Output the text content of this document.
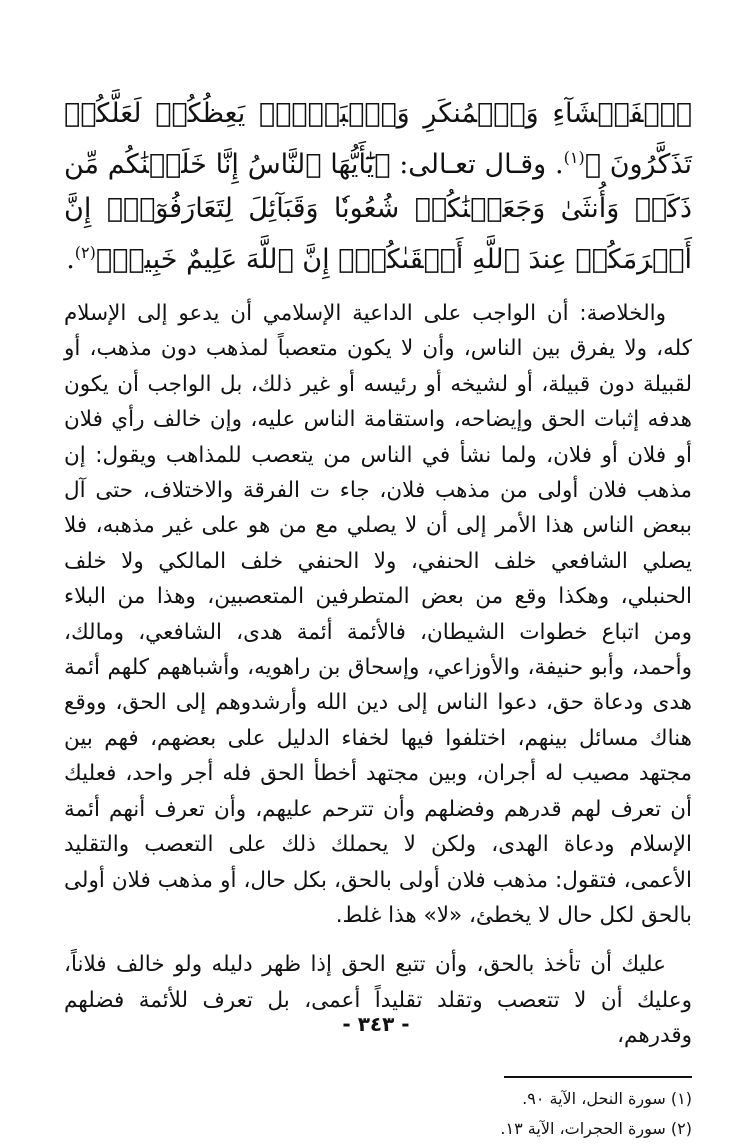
ﭐلۡفَحۡشَآءِ وَٱلۡمُنكَرِ وَٱلۡبَغۡيِۚ يَعِظُكُمۡ لَعَلَّكُمۡ تَذَكَّرُونَ ﴾$^{(١)}$. وقـال تعـالى: ﴿يَٰٓأَيُّهَا ٱلنَّاسُ إِنَّا خَلَقۡنَٰكُم مِّن ذَكَرٖ وَأُنثَىٰ وَجَعَلۡنَٰكُمۡ شُعُوبٗا وَقَبَآئِلَ لِتَعَارَفُوٓاْۚ إِنَّ أَكۡرَمَكُمۡ عِندَ ٱللَّهِ أَتۡقَىٰكُمۡۚ إِنَّ ٱللَّهَ عَلِيمٌ خَبِيرٞ﴾$^{(٢)}$.

والخلاصة: أن الواجب على الداعية الإسلامي أن يدعو إلى الإسلام كله، ولا يفرق بين الناس، وأن لا يكون متعصباً لمذهب دون مذهب، أو لقبيلة دون قبيلة، أو لشيخه أو رئيسه أو غير ذلك، بل الواجب أن يكون هدفه إثبات الحق وإيضاحه، واستقامة الناس عليه، وإن خالف رأي فلان أو فلان أو فلان، ولما نشأ في الناس من يتعصب للمذاهب ويقول: إن مذهب فلان أولى من مذهب فلان، جاء ت الفرقة والاختلاف، حتى آل ببعض الناس هذا الأمر إلى أن لا يصلي مع من هو على غير مذهبه، فلا يصلي الشافعي خلف الحنفي، ولا الحنفي خلف المالكي ولا خلف الحنبلي، وهكذا وقع من بعض المتطرفين المتعصبين، وهذا من البلاء ومن اتباع خطوات الشيطان، فالأئمة أئمة هدى، الشافعي، ومالك، وأحمد، وأبو حنيفة، والأوزاعي، وإسحاق بن راهويه، وأشباههم كلهم أئمة هدى ودعاة حق، دعوا الناس إلى دين الله وأرشدوهم إلى الحق، ووقع هناك مسائل بينهم، اختلفوا فيها لخفاء الدليل على بعضهم، فهم بين مجتهد مصيب له أجران، وبين مجتهد أخطأ الحق فله أجر واحد، فعليك أن تعرف لهم قدرهم وفضلهم وأن تترحم عليهم، وأن تعرف أنهم أئمة الإسلام ودعاة الهدى، ولكن لا يحملك ذلك على التعصب والتقليد الأعمى، فتقول: مذهب فلان أولى بالحق، بكل حال، أو مذهب فلان أولى بالحق لكل حال لا يخطئ، «لا» هذا غلط.

عليك أن تأخذ بالحق، وأن تتبع الحق إذا ظهر دليله ولو خالف فلاناً، وعليك أن لا تتعصب وتقلد تقليداً أعمى، بل تعرف للأئمة فضلهم وقدرهم،

(١) سورة النحل، الآية ٩٠.
(٢) سورة الحجرات، الآية ١٣.
- ٣٤٣ -
